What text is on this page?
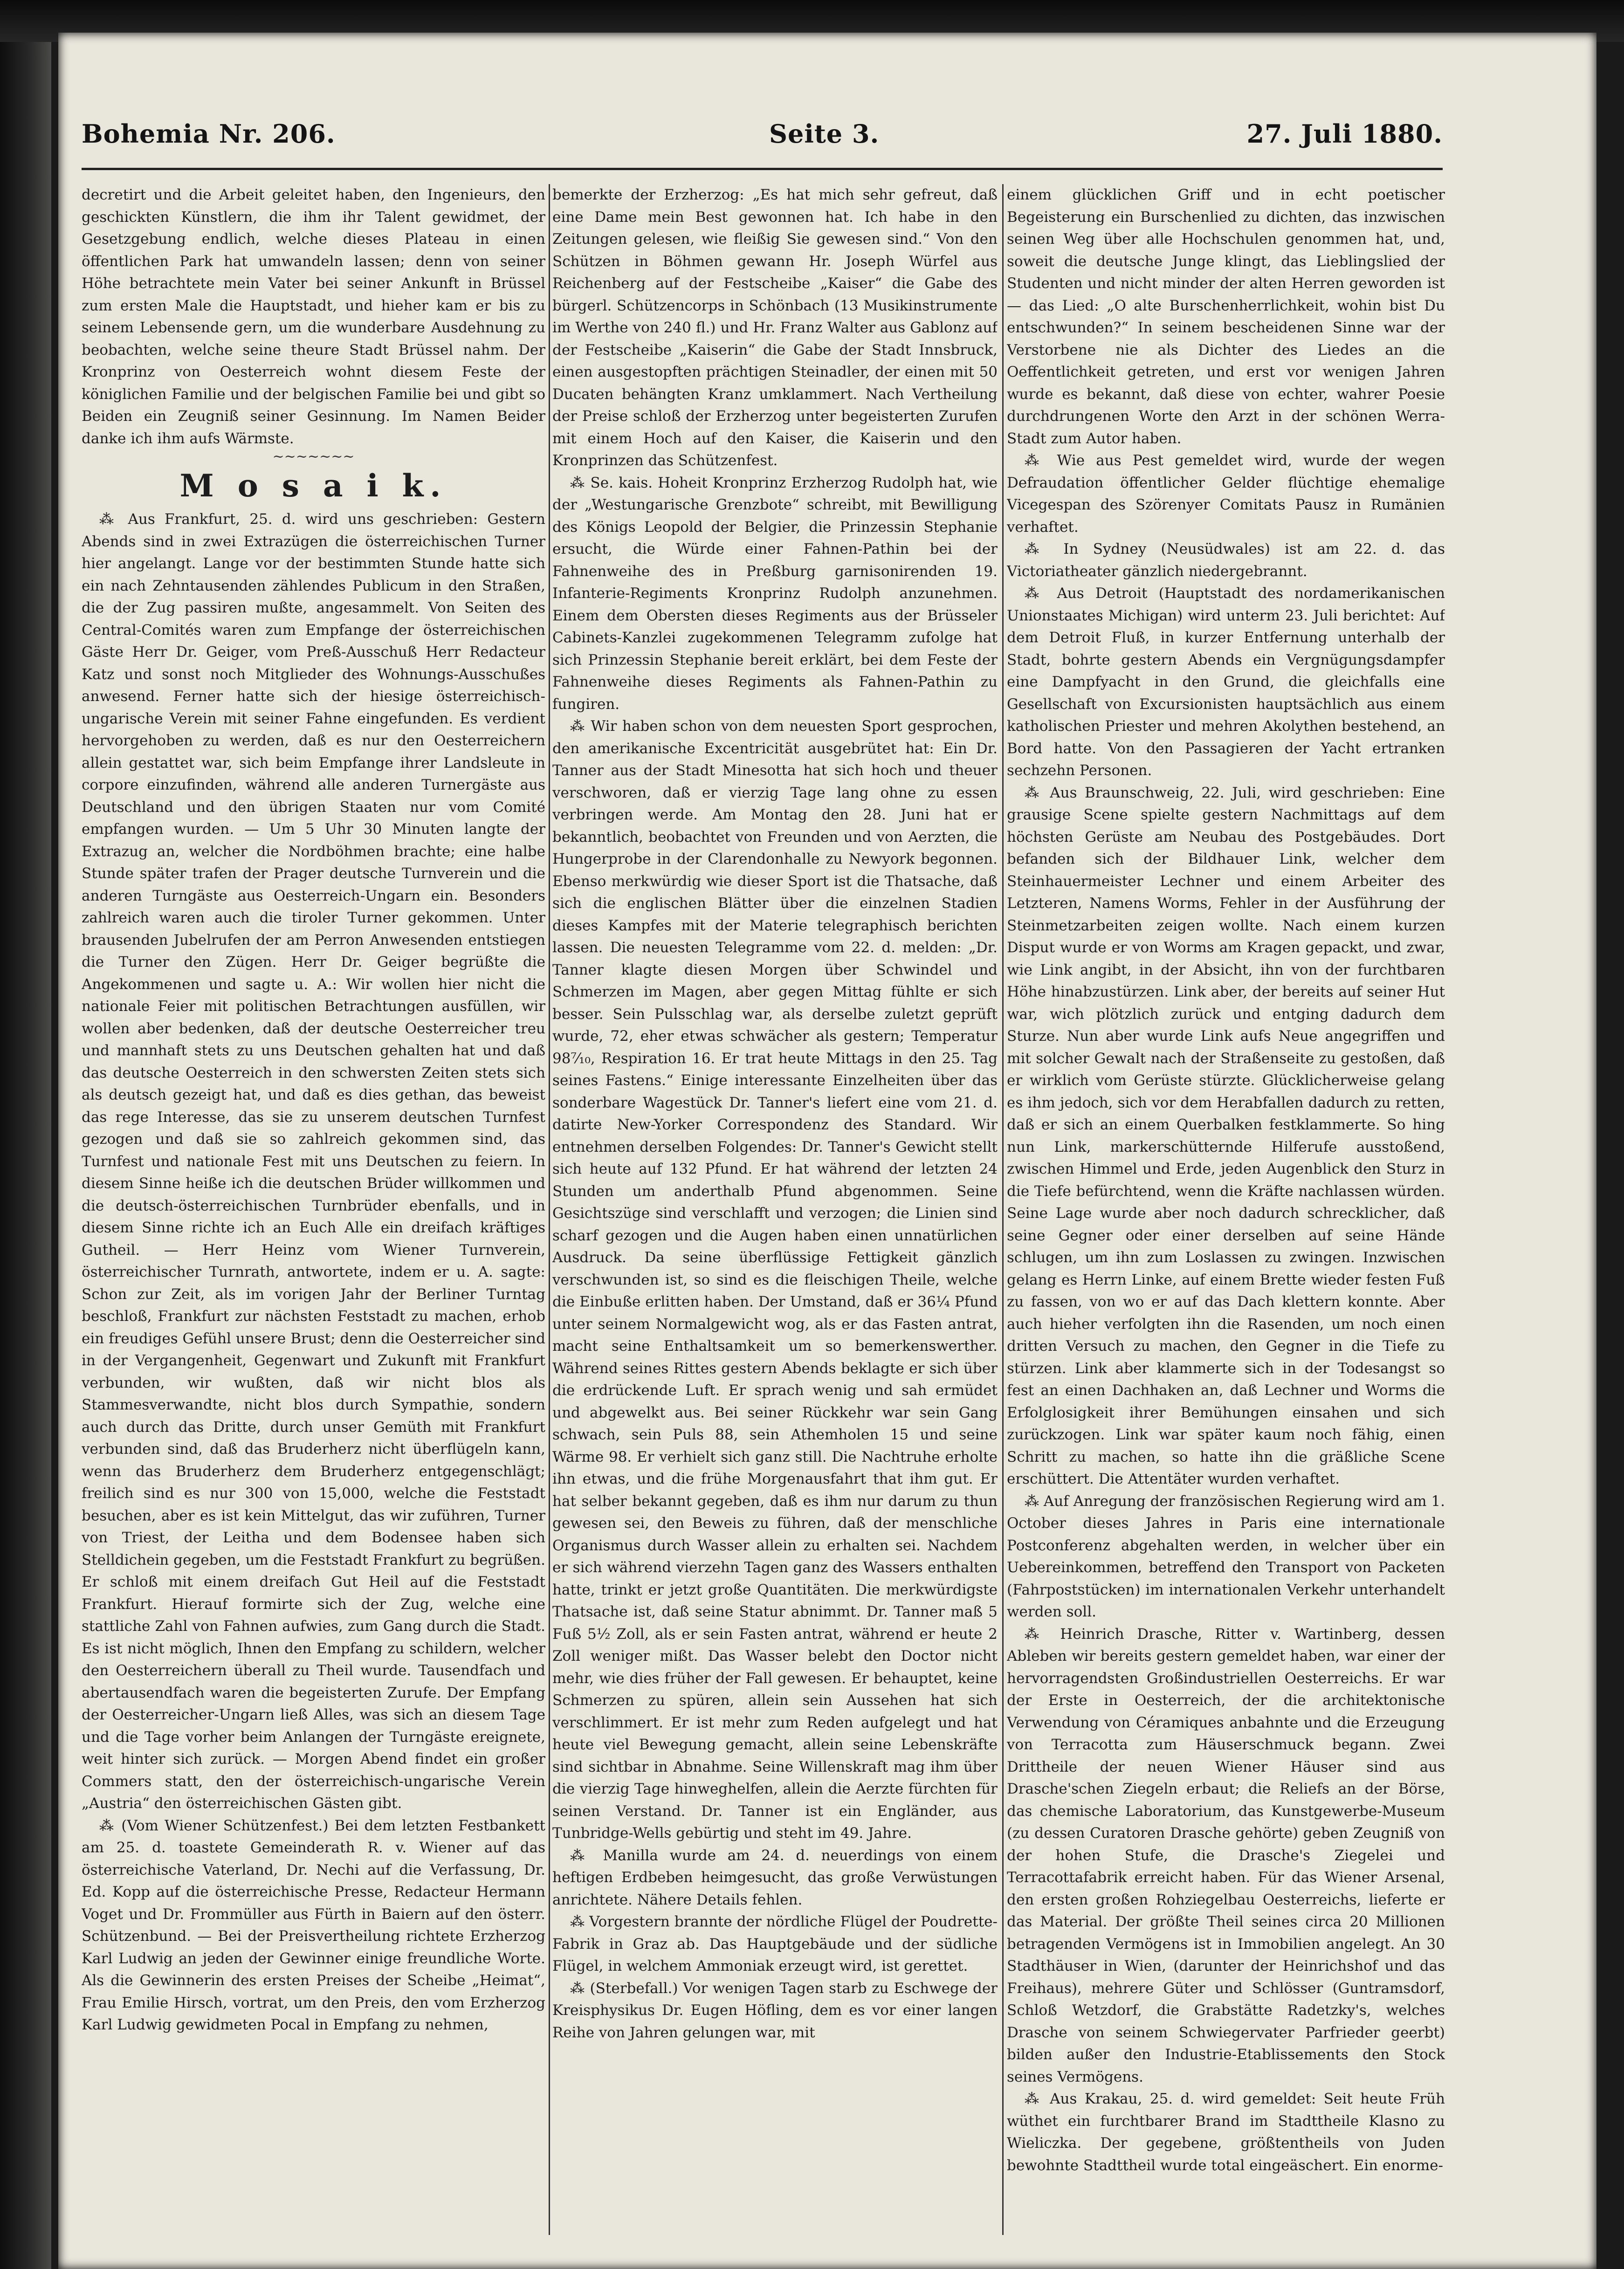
Bohemia Nr. 206.	Seite 3.	27. Juli 1880.

decretirt und die Arbeit geleitet haben, den Ingenieurs, den geschickten Künstlern, die ihm ihr Talent gewidmet, der Gesetzgebung endlich, welche dieses Plateau in einen öffentlichen Park hat umwandeln lassen; denn von seiner Höhe betrachtete mein Vater bei seiner Ankunft in Brüssel zum ersten Male die Hauptstadt, und hieher kam er bis zu seinem Lebensende gern, um die wunderbare Ausdehnung zu beobachten, welche seine theure Stadt Brüssel nahm. Der Kronprinz von Oesterreich wohnt diesem Feste der königlichen Familie und der belgischen Familie bei und gibt so Beiden ein Zeugniß seiner Gesinnung. Im Namen Beider danke ich ihm aufs Wärmste.

~~~~~~~
M o s a i k.

⁂ Aus Frankfurt, 25. d. wird uns geschrieben: Gestern Abends sind in zwei Extrazügen die österreichischen Turner hier angelangt. Lange vor der bestimmten Stunde hatte sich ein nach Zehntausenden zählendes Publicum in den Straßen, die der Zug passiren mußte, angesammelt. Von Seiten des Central-Comités waren zum Empfange der österreichischen Gäste Herr Dr. Geiger, vom Preß-Ausschuß Herr Redacteur Katz und sonst noch Mitglieder des Wohnungs-Ausschußes anwesend. Ferner hatte sich der hiesige österreichisch-ungarische Verein mit seiner Fahne eingefunden. Es verdient hervorgehoben zu werden, daß es nur den Oesterreichern allein gestattet war, sich beim Empfange ihrer Landsleute in corpore einzufinden, während alle anderen Turnergäste aus Deutschland und den übrigen Staaten nur vom Comité empfangen wurden. — Um 5 Uhr 30 Minuten langte der Extrazug an, welcher die Nordböhmen brachte; eine halbe Stunde später trafen der Prager deutsche Turnverein und die anderen Turngäste aus Oesterreich-Ungarn ein. Besonders zahlreich waren auch die tiroler Turner gekommen. Unter brausenden Jubelrufen der am Perron Anwesenden entstiegen die Turner den Zügen. Herr Dr. Geiger begrüßte die Angekommenen und sagte u. A.: Wir wollen hier nicht die nationale Feier mit politischen Betrachtungen ausfüllen, wir wollen aber bedenken, daß der deutsche Oesterreicher treu und mannhaft stets zu uns Deutschen gehalten hat und daß das deutsche Oesterreich in den schwersten Zeiten stets sich als deutsch gezeigt hat, und daß es dies gethan, das beweist das rege Interesse, das sie zu unserem deutschen Turnfest gezogen und daß sie so zahlreich gekommen sind, das Turnfest und nationale Fest mit uns Deutschen zu feiern. In diesem Sinne heiße ich die deutschen Brüder willkommen und die deutsch-österreichischen Turnbrüder ebenfalls, und in diesem Sinne richte ich an Euch Alle ein dreifach kräftiges Gutheil. — Herr Heinz vom Wiener Turnverein, österreichischer Turnrath, antwortete, indem er u. A. sagte: Schon zur Zeit, als im vorigen Jahr der Berliner Turntag beschloß, Frankfurt zur nächsten Feststadt zu machen, erhob ein freudiges Gefühl unsere Brust; denn die Oesterreicher sind in der Vergangenheit, Gegenwart und Zukunft mit Frankfurt verbunden, wir wußten, daß wir nicht blos als Stammesverwandte, nicht blos durch Sympathie, sondern auch durch das Dritte, durch unser Gemüth mit Frankfurt verbunden sind, daß das Bruderherz nicht überflügeln kann, wenn das Bruderherz dem Bruderherz entgegenschlägt; freilich sind es nur 300 von 15,000, welche die Feststadt besuchen, aber es ist kein Mittelgut, das wir zuführen, Turner von Triest, der Leitha und dem Bodensee haben sich Stelldichein gegeben, um die Feststadt Frankfurt zu begrüßen. Er schloß mit einem dreifach Gut Heil auf die Feststadt Frankfurt. Hierauf formirte sich der Zug, welche eine stattliche Zahl von Fahnen aufwies, zum Gang durch die Stadt. Es ist nicht möglich, Ihnen den Empfang zu schildern, welcher den Oesterreichern überall zu Theil wurde. Tausendfach und abertausendfach waren die begeisterten Zurufe. Der Empfang der Oesterreicher-Ungarn ließ Alles, was sich an diesem Tage und die Tage vorher beim Anlangen der Turngäste ereignete, weit hinter sich zurück. — Morgen Abend findet ein großer Commers statt, den der österreichisch-ungarische Verein „Austria“ den österreichischen Gästen gibt.

⁂ (Vom Wiener Schützenfest.) Bei dem letzten Festbankett am 25. d. toastete Gemeinderath R. v. Wiener auf das österreichische Vaterland, Dr. Nechi auf die Verfassung, Dr. Ed. Kopp auf die österreichische Presse, Redacteur Hermann Voget und Dr. Frommüller aus Fürth in Baiern auf den österr. Schützenbund. — Bei der Preisvertheilung richtete Erzherzog Karl Ludwig an jeden der Gewinner einige freundliche Worte. Als die Gewinnerin des ersten Preises der Scheibe „Heimat“, Frau Emilie Hirsch, vortrat, um den Preis, den vom Erzherzog Karl Ludwig gewidmeten Pocal in Empfang zu nehmen,

bemerkte der Erzherzog: „Es hat mich sehr gefreut, daß eine Dame mein Best gewonnen hat. Ich habe in den Zeitungen gelesen, wie fleißig Sie gewesen sind.“ Von den Schützen in Böhmen gewann Hr. Joseph Würfel aus Reichenberg auf der Festscheibe „Kaiser“ die Gabe des bürgerl. Schützencorps in Schönbach (13 Musikinstrumente im Werthe von 240 fl.) und Hr. Franz Walter aus Gablonz auf der Festscheibe „Kaiserin“ die Gabe der Stadt Innsbruck, einen ausgestopften prächtigen Steinadler, der einen mit 50 Ducaten behängten Kranz umklammert. Nach Vertheilung der Preise schloß der Erzherzog unter begeisterten Zurufen mit einem Hoch auf den Kaiser, die Kaiserin und den Kronprinzen das Schützenfest.

⁂ Se. kais. Hoheit Kronprinz Erzherzog Rudolph hat, wie der „Westungarische Grenzbote“ schreibt, mit Bewilligung des Königs Leopold der Belgier, die Prinzessin Stephanie ersucht, die Würde einer Fahnen-Pathin bei der Fahnenweihe des in Preßburg garnisonirenden 19. Infanterie-Regiments Kronprinz Rudolph anzunehmen. Einem dem Obersten dieses Regiments aus der Brüsseler Cabinets-Kanzlei zugekommenen Telegramm zufolge hat sich Prinzessin Stephanie bereit erklärt, bei dem Feste der Fahnenweihe dieses Regiments als Fahnen-Pathin zu fungiren.

⁂ Wir haben schon von dem neuesten Sport gesprochen, den amerikanische Excentricität ausgebrütet hat: Ein Dr. Tanner aus der Stadt Minesotta hat sich hoch und theuer verschworen, daß er vierzig Tage lang ohne zu essen verbringen werde. Am Montag den 28. Juni hat er bekanntlich, beobachtet von Freunden und von Aerzten, die Hungerprobe in der Clarendonhalle zu Newyork begonnen. Ebenso merkwürdig wie dieser Sport ist die Thatsache, daß sich die englischen Blätter über die einzelnen Stadien dieses Kampfes mit der Materie telegraphisch berichten lassen. Die neuesten Telegramme vom 22. d. melden: „Dr. Tanner klagte diesen Morgen über Schwindel und Schmerzen im Magen, aber gegen Mittag fühlte er sich besser. Sein Pulsschlag war, als derselbe zuletzt geprüft wurde, 72, eher etwas schwächer als gestern; Temperatur 98⁷⁄₁₀, Respiration 16. Er trat heute Mittags in den 25. Tag seines Fastens.“ Einige interessante Einzelheiten über das sonderbare Wagestück Dr. Tanner's liefert eine vom 21. d. datirte New-Yorker Correspondenz des Standard. Wir entnehmen derselben Folgendes: Dr. Tanner's Gewicht stellt sich heute auf 132 Pfund. Er hat während der letzten 24 Stunden um anderthalb Pfund abgenommen. Seine Gesichtszüge sind verschlafft und verzogen; die Linien sind scharf gezogen und die Augen haben einen unnatürlichen Ausdruck. Da seine überflüssige Fettigkeit gänzlich verschwunden ist, so sind es die fleischigen Theile, welche die Einbuße erlitten haben. Der Umstand, daß er 36¼ Pfund unter seinem Normalgewicht wog, als er das Fasten antrat, macht seine Enthaltsamkeit um so bemerkenswerther. Während seines Rittes gestern Abends beklagte er sich über die erdrückende Luft. Er sprach wenig und sah ermüdet und abgewelkt aus. Bei seiner Rückkehr war sein Gang schwach, sein Puls 88, sein Athemholen 15 und seine Wärme 98. Er verhielt sich ganz still. Die Nachtruhe erholte ihn etwas, und die frühe Morgenausfahrt that ihm gut. Er hat selber bekannt gegeben, daß es ihm nur darum zu thun gewesen sei, den Beweis zu führen, daß der menschliche Organismus durch Wasser allein zu erhalten sei. Nachdem er sich während vierzehn Tagen ganz des Wassers enthalten hatte, trinkt er jetzt große Quantitäten. Die merkwürdigste Thatsache ist, daß seine Statur abnimmt. Dr. Tanner maß 5 Fuß 5½ Zoll, als er sein Fasten antrat, während er heute 2 Zoll weniger mißt. Das Wasser belebt den Doctor nicht mehr, wie dies früher der Fall gewesen. Er behauptet, keine Schmerzen zu spüren, allein sein Aussehen hat sich verschlimmert. Er ist mehr zum Reden aufgelegt und hat heute viel Bewegung gemacht, allein seine Lebenskräfte sind sichtbar in Abnahme. Seine Willenskraft mag ihm über die vierzig Tage hinweghelfen, allein die Aerzte fürchten für seinen Verstand. Dr. Tanner ist ein Engländer, aus Tunbridge-Wells gebürtig und steht im 49. Jahre.

⁂ Manilla wurde am 24. d. neuerdings von einem heftigen Erdbeben heimgesucht, das große Verwüstungen anrichtete. Nähere Details fehlen.

⁂ Vorgestern brannte der nördliche Flügel der Poudrette-Fabrik in Graz ab. Das Hauptgebäude und der südliche Flügel, in welchem Ammoniak erzeugt wird, ist gerettet.

⁂ (Sterbefall.) Vor wenigen Tagen starb zu Eschwege der Kreisphysikus Dr. Eugen Höfling, dem es vor einer langen Reihe von Jahren gelungen war, mit

einem glücklichen Griff und in echt poetischer Begeisterung ein Burschenlied zu dichten, das inzwischen seinen Weg über alle Hochschulen genommen hat, und, soweit die deutsche Junge klingt, das Lieblingslied der Studenten und nicht minder der alten Herren geworden ist — das Lied: „O alte Burschenherrlichkeit, wohin bist Du entschwunden?“ In seinem bescheidenen Sinne war der Verstorbene nie als Dichter des Liedes an die Oeffentlichkeit getreten, und erst vor wenigen Jahren wurde es bekannt, daß diese von echter, wahrer Poesie durchdrungenen Worte den Arzt in der schönen Werra-Stadt zum Autor haben.

⁂ Wie aus Pest gemeldet wird, wurde der wegen Defraudation öffentlicher Gelder flüchtige ehemalige Vicegespan des Szörenyer Comitats Pausz in Rumänien verhaftet.

⁂ In Sydney (Neusüdwales) ist am 22. d. das Victoriatheater gänzlich niedergebrannt.

⁂ Aus Detroit (Hauptstadt des nordamerikanischen Unionstaates Michigan) wird unterm 23. Juli berichtet: Auf dem Detroit Fluß, in kurzer Entfernung unterhalb der Stadt, bohrte gestern Abends ein Vergnügungsdampfer eine Dampfyacht in den Grund, die gleichfalls eine Gesellschaft von Excursionisten hauptsächlich aus einem katholischen Priester und mehren Akolythen bestehend, an Bord hatte. Von den Passagieren der Yacht ertranken sechzehn Personen.

⁂ Aus Braunschweig, 22. Juli, wird geschrieben: Eine grausige Scene spielte gestern Nachmittags auf dem höchsten Gerüste am Neubau des Postgebäudes. Dort befanden sich der Bildhauer Link, welcher dem Steinhauermeister Lechner und einem Arbeiter des Letzteren, Namens Worms, Fehler in der Ausführung der Steinmetzarbeiten zeigen wollte. Nach einem kurzen Disput wurde er von Worms am Kragen gepackt, und zwar, wie Link angibt, in der Absicht, ihn von der furchtbaren Höhe hinabzustürzen. Link aber, der bereits auf seiner Hut war, wich plötzlich zurück und entging dadurch dem Sturze. Nun aber wurde Link aufs Neue angegriffen und mit solcher Gewalt nach der Straßenseite zu gestoßen, daß er wirklich vom Gerüste stürzte. Glücklicherweise gelang es ihm jedoch, sich vor dem Herabfallen dadurch zu retten, daß er sich an einem Querbalken festklammerte. So hing nun Link, markerschütternde Hilferufe ausstoßend, zwischen Himmel und Erde, jeden Augenblick den Sturz in die Tiefe befürchtend, wenn die Kräfte nachlassen würden. Seine Lage wurde aber noch dadurch schrecklicher, daß seine Gegner oder einer derselben auf seine Hände schlugen, um ihn zum Loslassen zu zwingen. Inzwischen gelang es Herrn Linke, auf einem Brette wieder festen Fuß zu fassen, von wo er auf das Dach klettern konnte. Aber auch hieher verfolgten ihn die Rasenden, um noch einen dritten Versuch zu machen, den Gegner in die Tiefe zu stürzen. Link aber klammerte sich in der Todesangst so fest an einen Dachhaken an, daß Lechner und Worms die Erfolglosigkeit ihrer Bemühungen einsahen und sich zurückzogen. Link war später kaum noch fähig, einen Schritt zu machen, so hatte ihn die gräßliche Scene erschüttert. Die Attentäter wurden verhaftet.

⁂ Auf Anregung der französischen Regierung wird am 1. October dieses Jahres in Paris eine internationale Postconferenz abgehalten werden, in welcher über ein Uebereinkommen, betreffend den Transport von Packeten (Fahrpoststücken) im internationalen Verkehr unterhandelt werden soll.

⁂ Heinrich Drasche, Ritter v. Wartinberg, dessen Ableben wir bereits gestern gemeldet haben, war einer der hervorragendsten Großindustriellen Oesterreichs. Er war der Erste in Oesterreich, der die architektonische Verwendung von Céramiques anbahnte und die Erzeugung von Terracotta zum Häuserschmuck begann. Zwei Drittheile der neuen Wiener Häuser sind aus Drasche'schen Ziegeln erbaut; die Reliefs an der Börse, das chemische Laboratorium, das Kunstgewerbe-Museum (zu dessen Curatoren Drasche gehörte) geben Zeugniß von der hohen Stufe, die Drasche's Ziegelei und Terracottafabrik erreicht haben. Für das Wiener Arsenal, den ersten großen Rohziegelbau Oesterreichs, lieferte er das Material. Der größte Theil seines circa 20 Millionen betragenden Vermögens ist in Immobilien angelegt. An 30 Stadthäuser in Wien, (darunter der Heinrichshof und das Freihaus), mehrere Güter und Schlösser (Guntramsdorf, Schloß Wetzdorf, die Grabstätte Radetzky's, welches Drasche von seinem Schwiegervater Parfrieder geerbt) bilden außer den Industrie-Etablissements den Stock seines Vermögens.

⁂ Aus Krakau, 25. d. wird gemeldet: Seit heute Früh wüthet ein furchtbarer Brand im Stadttheile Klasno zu Wieliczka. Der gegebene, größtentheils von Juden bewohnte Stadttheil wurde total eingeäschert. Ein enorme-
